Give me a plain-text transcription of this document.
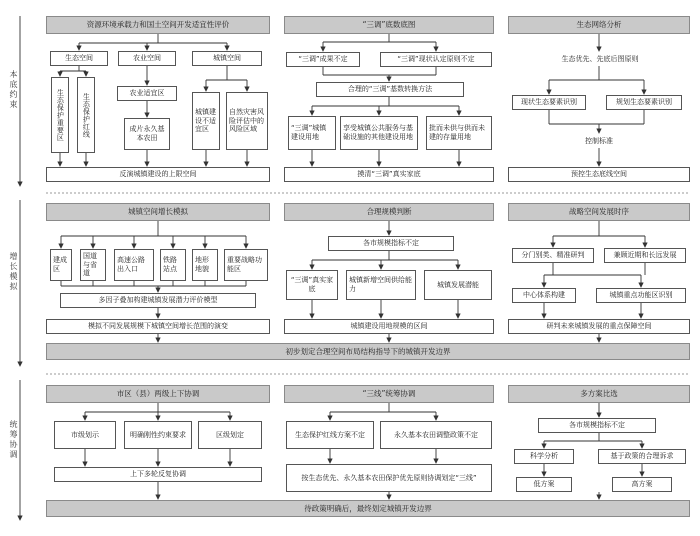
本底约束
增长模拟
统筹协调
资源环境承载力和国土空间开发适宜性评价
生态空间	农业空间	城镇空间
生态保护重要区	生态保护红线	农业适宜区
成片永久基本农田
城镇建设不适宜区
自然灾害风险评估中的风险区域
反演城镇建设的上限空间
“三调”底数底图
“三调”成果不定	“三调”现状认定原则不定
合理的“三调”基数转换方法
“三调”城镇建设用地
享受城镇公共服务与基础设施的其他建设用地
批而未供与供而未建的存量用地
摸清“三调”真实家底
生态网络分析
生态优先、先底后图原则
现状生态要素识别	规划生态要素识别
控制标准
预控生态底线空间
城镇空间增长模拟
建成区
国道与省道
高速公路出入口
铁路站点
地形地貌
重要战略功能区
多因子叠加构建城镇发展潜力评价模型
模拟不同发展规模下城镇空间增长范围的演变
合理规模判断
各市规模指标不定
“三调”真实家底
城镇新增空间供给能力
城镇发展潜能
城镇建设用地规模的区间
战略空间发展时序
分门别类、精准研判	兼顾近期和长远发展
中心体系构建	城镇重点功能区识别
研判未来城镇发展的重点保障空间
初步划定合理空间布局结构指导下的城镇开发边界
市区（县）两级上下协调
市级划示	明确刚性约束要求	区级划定
上下多轮反复协调
“三线”统筹协调
生态保护红线方案不定	永久基本农田调整政策不定
按生态优先、永久基本农田保护优先原则协调划定“三线”
多方案比选
各市规模指标不定
科学分析	基于政策的合理诉求
低方案	高方案
待政策明确后，最终划定城镇开发边界
